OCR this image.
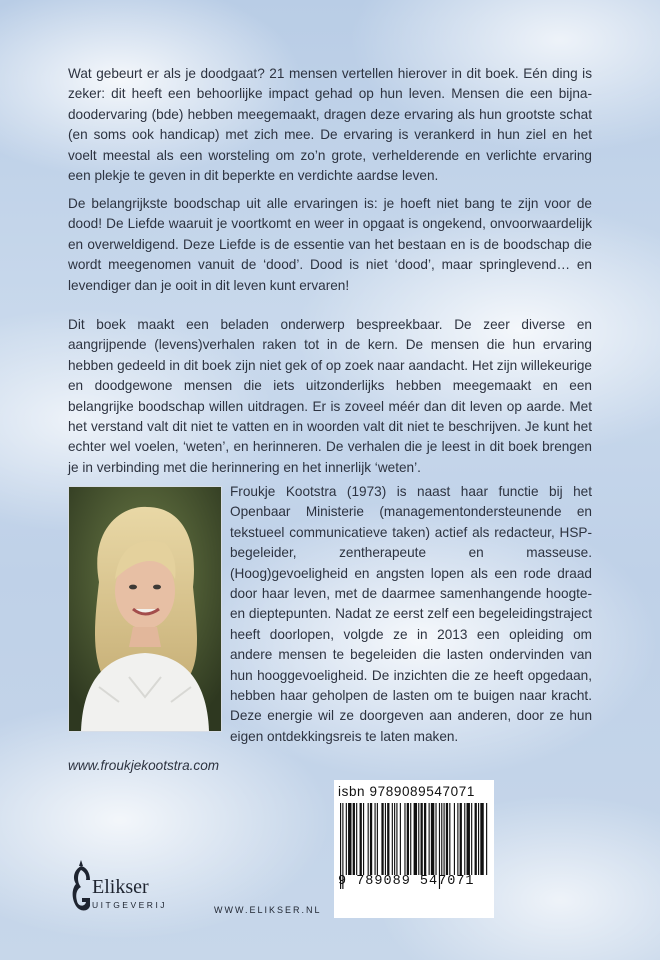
Wat gebeurt er als je doodgaat? 21 mensen vertellen hierover in dit boek. Eén ding is zeker: dit heeft een behoorlijke impact gehad op hun leven. Mensen die een bijna-doodervaring (bde) hebben meegemaakt, dragen deze ervaring als hun grootste schat (en soms ook handicap) met zich mee. De ervaring is verankerd in hun ziel en het voelt meestal als een worsteling om zo’n grote, verhelderende en verlichte ervaring een plekje te geven in dit beperkte en verdichte aardse leven.

De belangrijkste boodschap uit alle ervaringen is: je hoeft niet bang te zijn voor de dood! De Liefde waaruit je voortkomt en weer in opgaat is ongekend, onvoorwaardelijk en overweldigend. Deze Liefde is de essentie van het bestaan en is de boodschap die wordt meegenomen vanuit de ‘dood’. Dood is niet ‘dood’, maar springlevend… en levendiger dan je ooit in dit leven kunt ervaren!

Dit boek maakt een beladen onderwerp bespreekbaar. De zeer diverse en aangrijpende (levens)verhalen raken tot in de kern. De mensen die hun ervaring hebben gedeeld in dit boek zijn niet gek of op zoek naar aandacht. Het zijn willekeurige en doodgewone mensen die iets uitzonderlijks hebben meegemaakt en een belangrijke boodschap willen uitdragen. Er is zoveel méér dan dit leven op aarde. Met het verstand valt dit niet te vatten en in woorden valt dit niet te beschrijven. Je kunt het echter wel voelen, ‘weten’, en herinneren. De verhalen die je leest in dit boek brengen je in verbinding met die herinnering en het innerlijk ‘weten’.

Froukje Kootstra (1973) is naast haar functie bij het Openbaar Ministerie (managementondersteunende en tekstueel communicatieve taken) actief als redacteur, HSP-begeleider, zentherapeute en masseuse. (Hoog)gevoeligheid en angsten lopen als een rode draad door haar leven, met de daarmee samenhangende hoogte- en dieptepunten. Nadat ze eerst zelf een begeleidingstraject heeft doorlopen, volgde ze in 2013 een opleiding om andere mensen te begeleiden die lasten ondervinden van hun hooggevoeligheid. De inzichten die ze heeft opgedaan, hebben haar geholpen de lasten om te buigen naar kracht. Deze energie wil ze doorgeven aan anderen, door ze hun eigen ontdekkingsreis te laten maken.

www.froukjekootstra.com
isbn 9789089547071
9 789089 547071
Elikser
UITGEVERIJ	WWW.ELIKSER.NL
